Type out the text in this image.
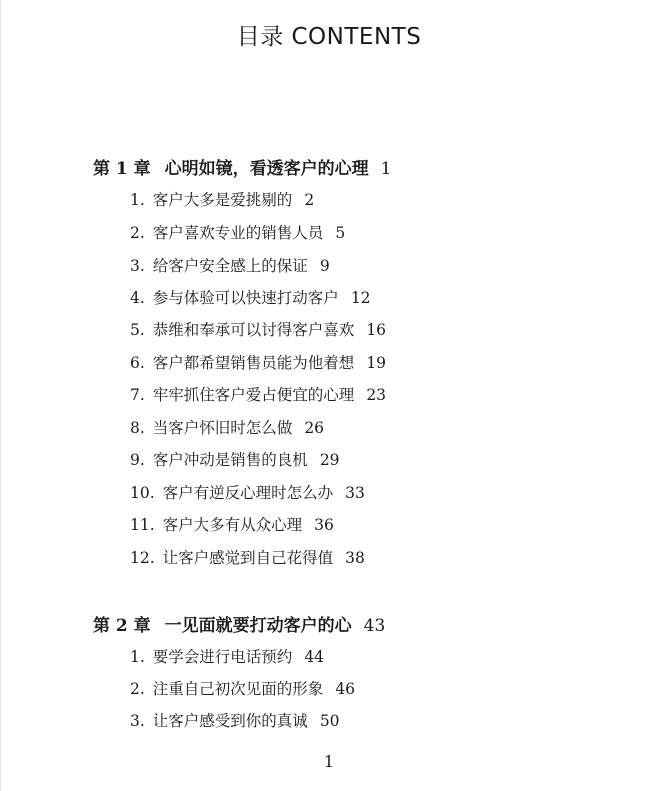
目录 CONTENTS
第 1 章 心明如镜，看透客户的心理 1
1. 客户大多是爱挑剔的 2
2. 客户喜欢专业的销售人员 5
3. 给客户安全感上的保证 9
4. 参与体验可以快速打动客户 12
5. 恭维和奉承可以讨得客户喜欢 16
6. 客户都希望销售员能为他着想 19
7. 牢牢抓住客户爱占便宜的心理 23
8. 当客户怀旧时怎么做 26
9. 客户冲动是销售的良机 29
10. 客户有逆反心理时怎么办 33
11. 客户大多有从众心理 36
12. 让客户感觉到自己花得值 38
第 2 章 一见面就要打动客户的心 43
1. 要学会进行电话预约 44
2. 注重自己初次见面的形象 46
3. 让客户感受到你的真诚 50
1
